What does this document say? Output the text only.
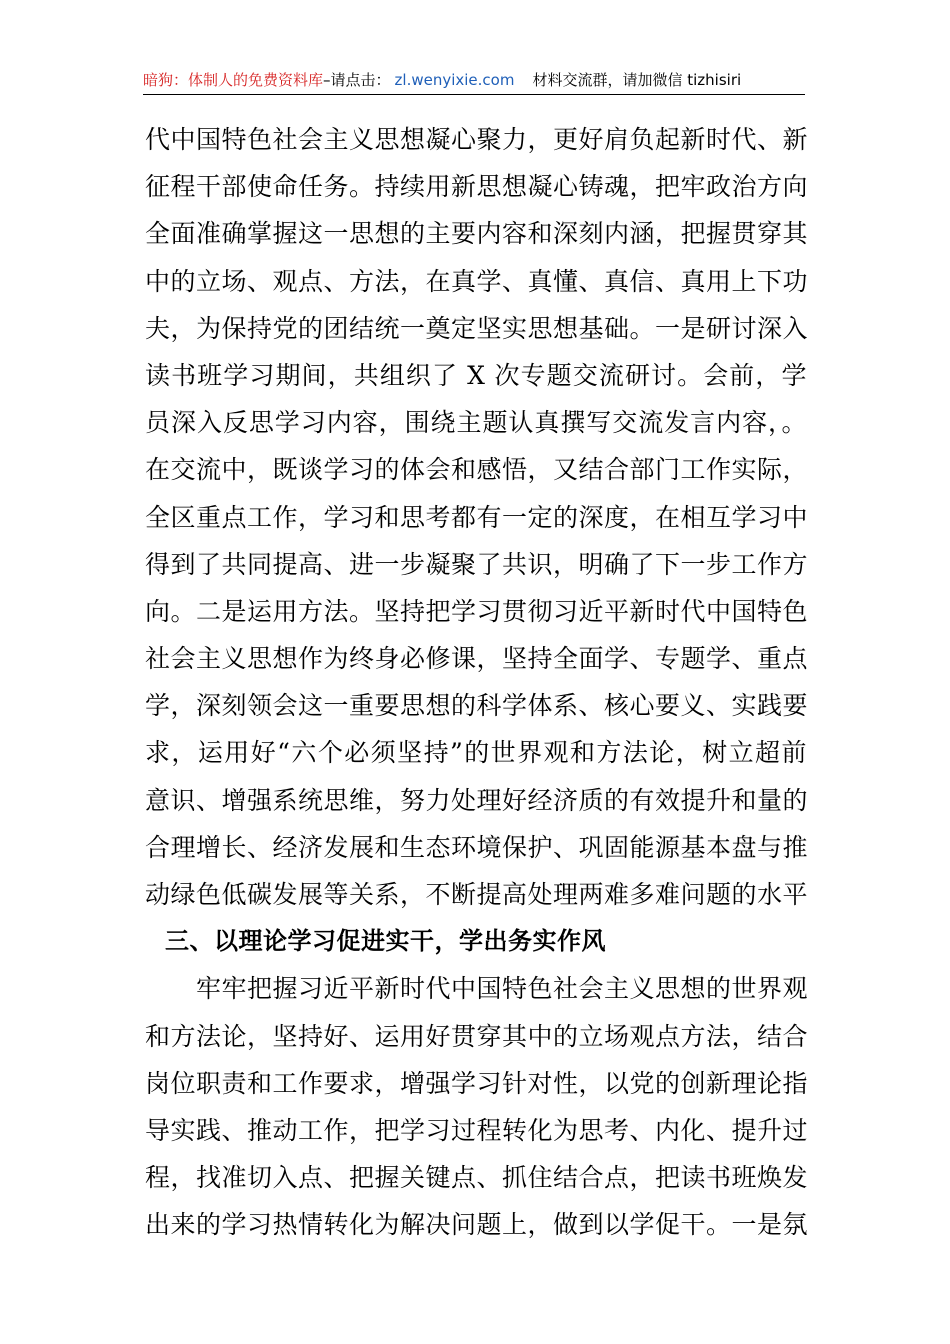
暗狗：体制人的免费资料库–请点击： zl.wenyixie.com 材料交流群，请加微信 tizhisiri
代中国特色社会主义思想凝心聚力，更好肩负起新时代、新
征程干部使命任务。持续用新思想凝心铸魂，把牢政治方向
全面准确掌握这一思想的主要内容和深刻内涵，把握贯穿其
中的立场、观点、方法，在真学、真懂、真信、真用上下功
夫，为保持党的团结统一奠定坚实思想基础。一是研讨深入
读书班学习期间，共组织了 X 次专题交流研讨。会前，学
员深入反思学习内容，围绕主题认真撰写交流发言内容，。
在交流中，既谈学习的体会和感悟，又结合部门工作实际，
全区重点工作，学习和思考都有一定的深度，在相互学习中
得到了共同提高、进一步凝聚了共识，明确了下一步工作方
向。二是运用方法。坚持把学习贯彻习近平新时代中国特色
社会主义思想作为终身必修课，坚持全面学、专题学、重点
学，深刻领会这一重要思想的科学体系、核心要义、实践要
求，运用好“六个必须坚持”的世界观和方法论，树立超前
意识、增强系统思维，努力处理好经济质的有效提升和量的
合理增长、经济发展和生态环境保护、巩固能源基本盘与推
动绿色低碳发展等关系，不断提高处理两难多难问题的水平
三、以理论学习促进实干，学出务实作风
　　牢牢把握习近平新时代中国特色社会主义思想的世界观
和方法论，坚持好、运用好贯穿其中的立场观点方法，结合
岗位职责和工作要求，增强学习针对性，以党的创新理论指
导实践、推动工作，把学习过程转化为思考、内化、提升过
程，找准切入点、把握关键点、抓住结合点，把读书班焕发
出来的学习热情转化为解决问题上，做到以学促干。一是氛
